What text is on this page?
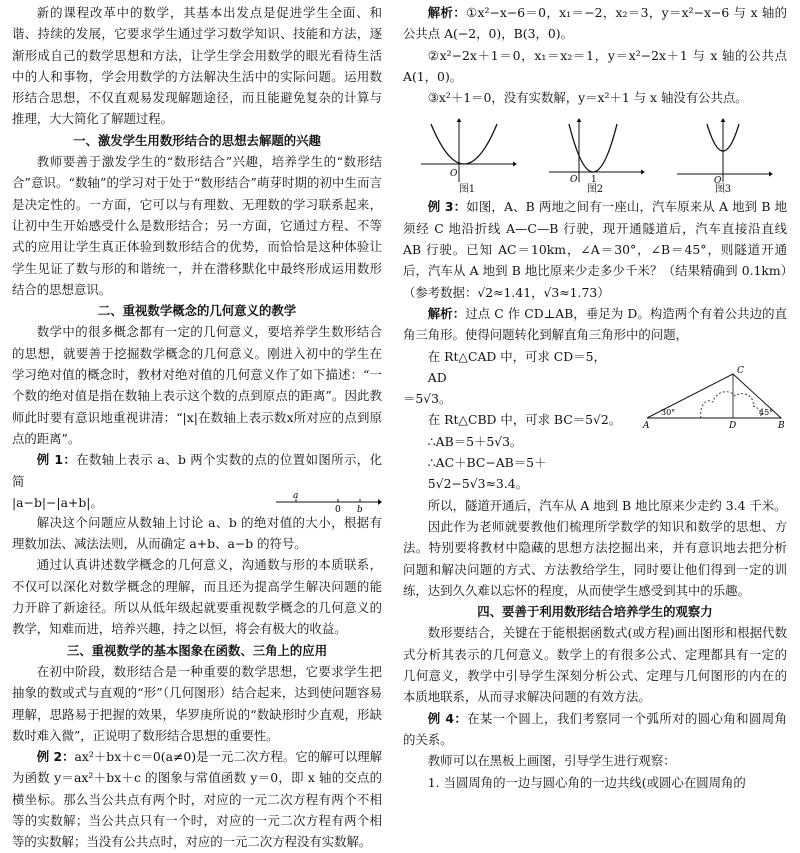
新的课程改革中的数学，其基本出发点是促进学生全面、和谐、持续的发展，它要求学生通过学习数学知识、技能和方法，逐渐形成自己的数学思想和方法，让学生学会用数学的眼光看待生活中的人和事物，学会用数学的方法解决生活中的实际问题。运用数形结合思想，不仅直观易发现解题途径，而且能避免复杂的计算与推理，大大简化了解题过程。

一、激发学生用数形结合的思想去解题的兴趣

教师要善于激发学生的“数形结合”兴趣，培养学生的“数形结合”意识。“数轴”的学习对于处于“数形结合”萌芽时期的初中生而言是决定性的。一方面，它可以与有理数、无理数的学习联系起来，让初中生开始感受什么是数形结合；另一方面，它通过方程、不等式的应用让学生真正体验到数形结合的优势，而恰恰是这种体验让学生见证了数与形的和谐统一，并在潜移默化中最终形成运用数形结合的思想意识。

二、重视数学概念的几何意义的教学

数学中的很多概念都有一定的几何意义，要培养学生数形结合的思想，就要善于挖掘数学概念的几何意义。刚进入初中的学生在学习绝对值的概念时，教材对绝对值的几何意义作了如下描述：“一个数的绝对值是指在数轴上表示这个数的点到原点的距离”。因此教师此时要有意识地重视讲清：“|x|在数轴上表示数x所对应的点到原点的距离”。

例 1：在数轴上表示 a、b 两个实数的点的位置如图所示，化简

|a−b|−|a+b|。	a
0 b

解决这个问题应从数轴上讨论 a、b 的绝对值的大小，根据有理数加法、减法法则，从而确定 a+b、a−b 的符号。

通过认真讲述数学概念的几何意义，沟通数与形的本质联系，不仅可以深化对数学概念的理解，而且还为提高学生解决问题的能力开辟了新途径。所以从低年级起就要重视数学概念的几何意义的教学，知难而进，培养兴趣，持之以恒，将会有极大的收益。

三、重视数学的基本图象在函数、三角上的应用

在初中阶段，数形结合是一种重要的数学思想，它要求学生把抽象的数或式与直观的“形”（几何图形）结合起来，达到使问题容易理解，思路易于把握的效果，华罗庚所说的“数缺形时少直观，形缺数时难入微”，正说明了数形结合思想的重要性。

例 2：ax²＋bx＋c＝0(a≠0)是一元二次方程。它的解可以理解为函数 y＝ax²＋bx＋c 的图象与常值函数 y＝0，即 x 轴的交点的横坐标。那么当公共点有两个时，对应的一元二次方程有两个不相等的实数解；当公共点只有一个时，对应的一元二次方程有两个相等的实数解；当没有公共点时，对应的一元二次方程没有实数解。

解析：①x²−x−6＝0，x₁＝−2，x₂＝3，y＝x²−x−6 与 x 轴的公共点 A(−2，0)，B(3，0)。

②x²−2x＋1＝0，x₁＝x₂＝1，y＝x²−2x＋1 与 x 轴的公共点 A(1，0)。

③x²＋1＝0，没有实数解，y＝x²＋1 与 x 轴没有公共点。

O
图1
O 1
图2
O
图3

例 3：如图，A、B 两地之间有一座山，汽车原来从 A 地到 B 地须经 C 地沿折线 A—C—B 行驶，现开通隧道后，汽车直接沿直线 AB 行驶。已知 AC＝10km，∠A＝30°，∠B＝45°，则隧道开通后，汽车从 A 地到 B 地比原来少走多少千米？（结果精确到 0.1km）（参考数据：√2≈1.41，√3≈1.73）

解析：过点 C 作 CD⊥AB，垂足为 D。构造两个有着公共边的直角三角形。使得问题转化到解直角三角形中的问题，

在 Rt△CAD 中，可求 CD＝5，AD

＝5√3。

在 Rt△CBD 中，可求 BC＝5√2。

∴AB＝5＋5√3。

∴AC＋BC−AB＝5＋5√2−5√3≈3.4。

C
A	B
D
30°	45°

所以，隧道开通后，汽车从 A 地到 B 地比原来少走约 3.4 千米。

因此作为老师就要教他们梳理所学数学的知识和数学的思想、方法。特别要将教材中隐藏的思想方法挖掘出来，并有意识地去把分析问题和解决问题的方式、方法教给学生，同时要让他们得到一定的训练，达到久久难以忘怀的程度，从而使学生感受到其中的乐趣。

四、要善于利用数形结合培养学生的观察力

数形要结合，关键在于能根据函数式(或方程)画出图形和根据代数式分析其表示的几何意义。数学上的有很多公式、定理都具有一定的几何意义，教学中引导学生深刻分析公式、定理与几何图形的内在的本质地联系，从而寻求解决问题的有效方法。

例 4：在某一个圆上，我们考察同一个弧所对的圆心角和圆周角的关系。

教师可以在黑板上画图，引导学生进行观察：

1. 当圆周角的一边与圆心角的一边共线(或圆心在圆周角的
